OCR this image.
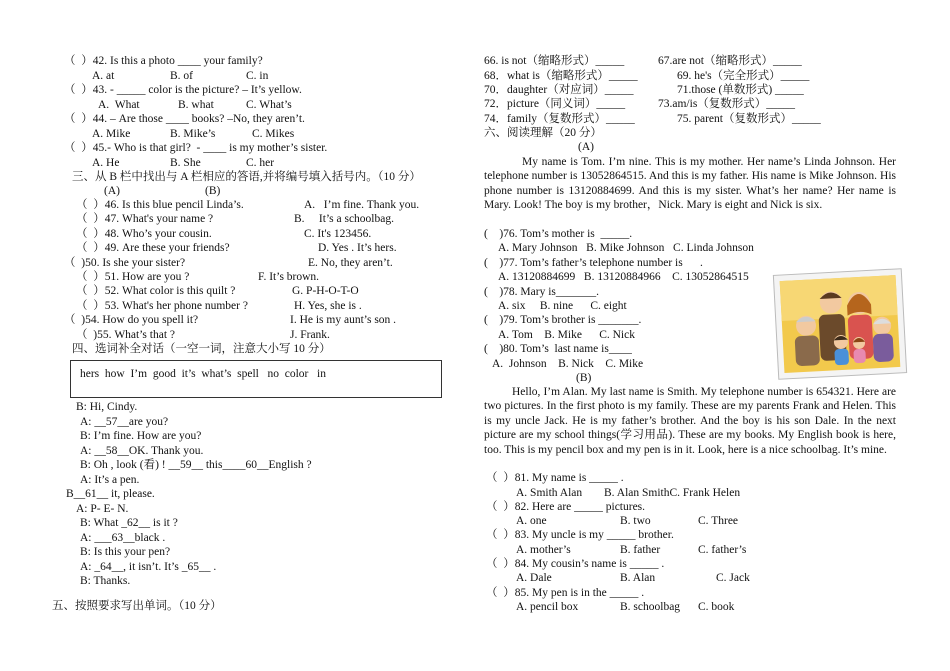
（  ）42. Is this a photo ____ your family?
A. at	B. of	C. in
（  ）43. - _____ color is the picture? – It’s yellow.
A.  What	B. what	C. What’s
（  ）44. – Are those ____ books? –No, they aren’t.
A. Mike	B. Mike’s	C. Mikes
（  ）45.- Who is that girl?  - ____ is my mother’s sister.
A. He	B. She	C. her
三、从 B 栏中找出与 A 栏相应的答语,并将编号填入括号内。（10 分）
(A)	(B)
（  ）46. Is this blue pencil Linda’s.	A.   I’m fine. Thank you.
（  ）47. What's your name ?	B.     It’s a schoolbag.
（  ）48. Who’s your cousin.	C. It's 123456.
（  ）49. Are these your friends?	D. Yes . It’s hers.
（  )50. Is she your sister?	E. No, they aren’t.
（  ）51. How are you ?	F. It’s brown.
（  ）52. What color is this quilt ?	G. P-H-O-T-O
（  ）53. What's her phone number ?	H. Yes, she is .
（  )54. How do you spell it?	I. He is my aunt’s son .
（  )55. What’s that ?	J. Frank.
四、选词补全对话（一空一词，注意大小写 10 分）
hers  how  I’m  good  it’s  what’s  spell   no  color   in
B: Hi, Cindy.
A: __57__are you?
B: I’m fine. How are you?
A: __58__OK. Thank you.
B: Oh , look (看) ! __59__ this____60__English ?
A: It’s a pen.
B__61__ it, please.
A: P- E- N.
B: What _62__ is it ?
A: ___63__black .
B: Is this your pen?
A: _64__, it isn’t. It’s _65__ .
B: Thanks.
五、按照要求写出单词。（10 分）
66. is not（缩略形式）_____	67.are not（缩略形式）_____
68．what is（缩略形式）_____	69. he's（完全形式）_____
70．daughter（对应词）_____	71.those (单数形式) _____
72．picture（同义词）_____	73.am/is（复数形式）_____
74．family（复数形式）_____	75. parent（复数形式）_____
六、阅读理解（20 分）
(A)
My name is Tom. I’m nine. This is my mother. Her name’s Linda Johnson. Her telephone number is 13052864515. And this is my father. His name is Mike Johnson. His phone number is 13120884699. And this is my sister. What’s her name? Her name is Mary. Look! The boy is my brother，Nick. Mary is eight and Nick is six.
(    )76. Tom’s mother is  _____.
A. Mary Johnson   B. Mike Johnson   C. Linda Johnson
(    )77. Tom’s father’s telephone number is      .
A. 13120884699   B. 13120884966    C. 13052864515
(    )78. Mary is_______.
A. six     B. nine      C. eight
(    )79. Tom’s brother is _______.
A. Tom    B. Mike      C. Nick
(    )80. Tom’s  last name is____
A.  Johnson    B. Nick    C. Mike
(B)
Hello, I’m Alan. My last name is Smith. My telephone number is 654321. Here are two pictures. In the first photo is my family. These are my parents Frank and Helen. This is my uncle Jack. He is my father’s brother. And the boy is his son Dale. In the next picture are my school things(学习用品). These are my books. My English book is here, too. This is my pencil box and my pen is in it. Look, here is a nice schoolbag. It’s mine.
（  ）81. My name is _____ .
A. Smith Alan B. Alan SmithC. Frank Helen
（  ）82. Here are _____ pictures.
A. one	B. two	C. Three
（  ）83. My uncle is my _____ brother.
A. mother’s	B. father	C. father’s
（  ）84. My cousin’s name is _____ .
A. Dale	B. Alan	C. Jack
（  ）85. My pen is in the _____ .
A. pencil box	B. schoolbag C. book
